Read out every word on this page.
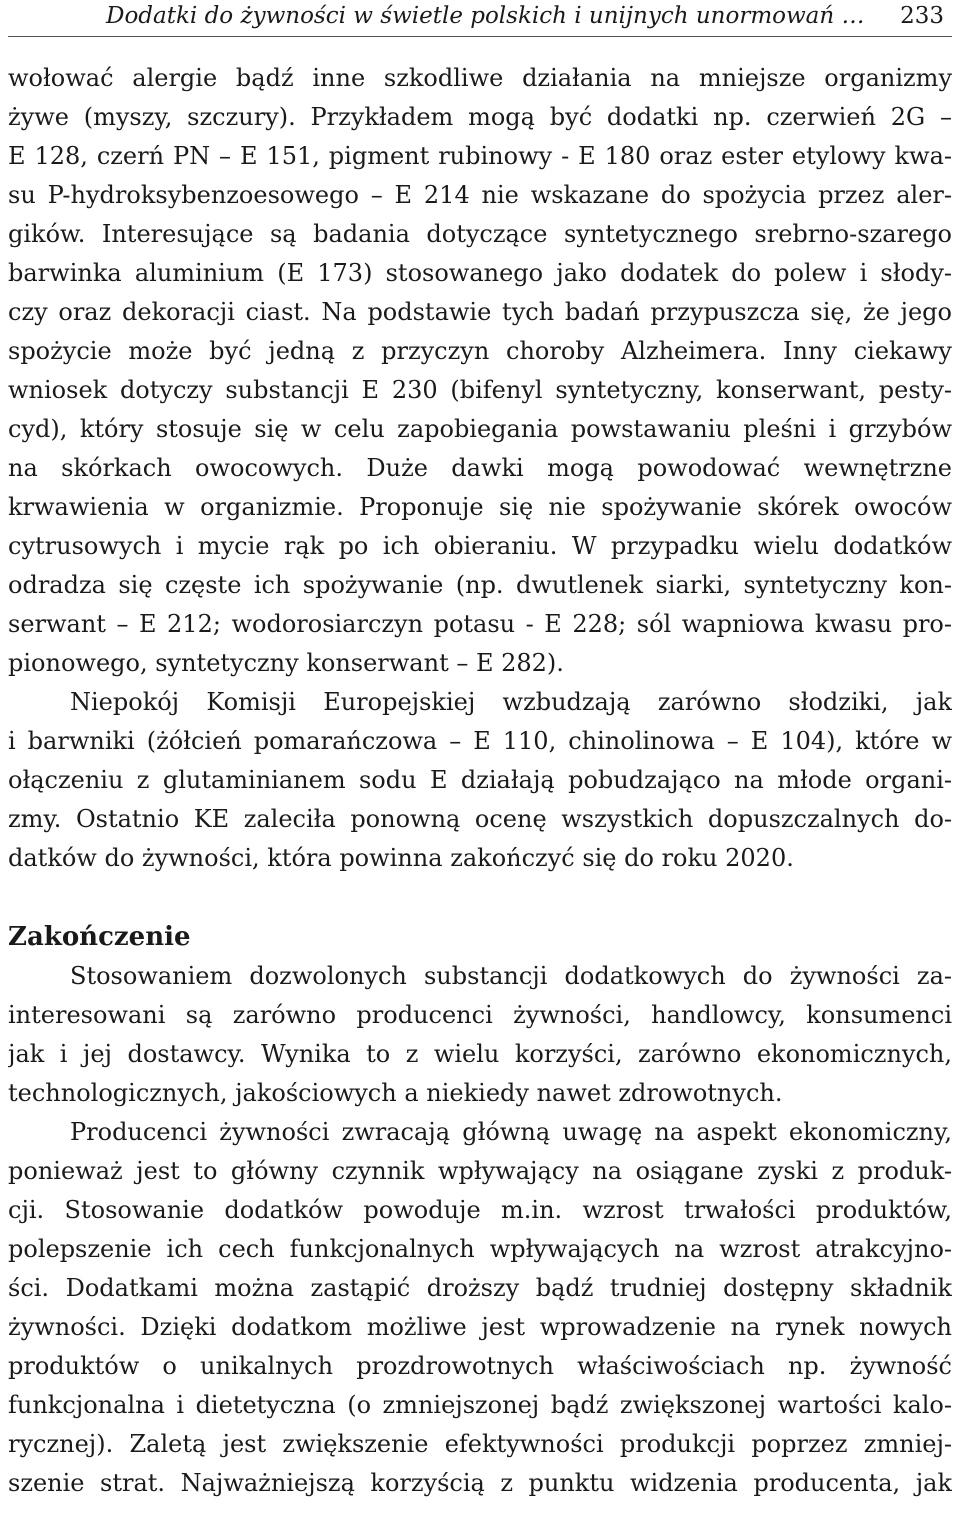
Dodatki do żywności w świetle polskich i unijnych unormowań … 233
wołować alergie bądź inne szkodliwe działania na mniejsze organizmy
żywe (myszy, szczury). Przykładem mogą być dodatki np. czerwień 2G –
E 128, czerń PN – E 151, pigment rubinowy - E 180 oraz ester etylowy kwa-
su P-hydroksybenzoesowego – E 214 nie wskazane do spożycia przez aler-
gików. Interesujące są badania dotyczące syntetycznego srebrno-szarego
barwinka aluminium (E 173) stosowanego jako dodatek do polew i słody-
czy oraz dekoracji ciast. Na podstawie tych badań przypuszcza się, że jego
spożycie może być jedną z przyczyn choroby Alzheimera. Inny ciekawy
wniosek dotyczy substancji E 230 (bifenyl syntetyczny, konserwant, pesty-
cyd), który stosuje się w celu zapobiegania powstawaniu pleśni i grzybów
na skórkach owocowych. Duże dawki mogą powodować wewnętrzne
krwawienia w organizmie. Proponuje się nie spożywanie skórek owoców
cytrusowych i mycie rąk po ich obieraniu. W przypadku wielu dodatków
odradza się częste ich spożywanie (np. dwutlenek siarki, syntetyczny kon-
serwant – E 212; wodorosiarczyn potasu - E 228; sól wapniowa kwasu pro-
pionowego, syntetyczny konserwant – E 282).
Niepokój Komisji Europejskiej wzbudzają zarówno słodziki, jak
i barwniki (żółcień pomarańczowa – E 110, chinolinowa – E 104), które w
ołączeniu z glutaminianem sodu E działają pobudzająco na młode organi-
zmy. Ostatnio KE zaleciła ponowną ocenę wszystkich dopuszczalnych do-
datków do żywności, która powinna zakończyć się do roku 2020.
Zakończenie
Stosowaniem dozwolonych substancji dodatkowych do żywności za-
interesowani są zarówno producenci żywności, handlowcy, konsumenci
jak i jej dostawcy. Wynika to z wielu korzyści, zarówno ekonomicznych,
technologicznych, jakościowych a niekiedy nawet zdrowotnych.
Producenci żywności zwracają główną uwagę na aspekt ekonomiczny,
ponieważ jest to główny czynnik wpływający na osiągane zyski z produk-
cji. Stosowanie dodatków powoduje m.in. wzrost trwałości produktów,
polepszenie ich cech funkcjonalnych wpływających na wzrost atrakcyjno-
ści. Dodatkami można zastąpić droższy bądź trudniej dostępny składnik
żywności. Dzięki dodatkom możliwe jest wprowadzenie na rynek nowych
produktów o unikalnych prozdrowotnych właściwościach np. żywność
funkcjonalna i dietetyczna (o zmniejszonej bądź zwiększonej wartości kalo-
rycznej). Zaletą jest zwiększenie efektywności produkcji poprzez zmniej-
szenie strat. Najważniejszą korzyścią z punktu widzenia producenta, jak
